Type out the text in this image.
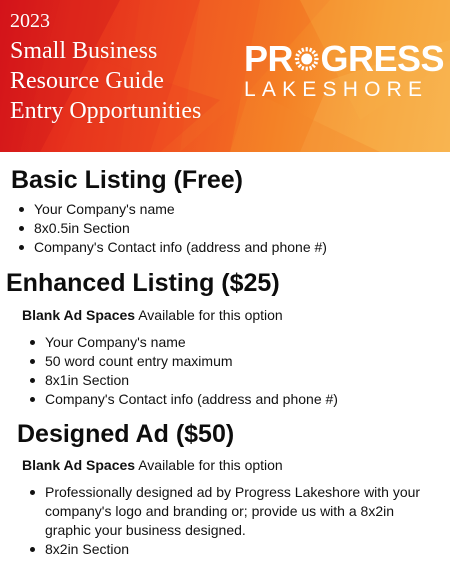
2023
Small Business
Resource Guide
Entry Opportunities
PR GRESS
LAKESHORE
Basic Listing (Free)
Your Company's name
8x0.5in Section
Company's Contact info (address and phone #)
Enhanced Listing ($25)
Blank Ad Spaces Available for this option
Your Company's name
50 word count entry maximum
8x1in Section
Company's Contact info (address and phone #)
Designed Ad ($50)
Blank Ad Spaces Available for this option
Professionally designed ad by Progress Lakeshore with your company's logo and branding or; provide us with a 8x2in graphic your business designed.
8x2in Section
